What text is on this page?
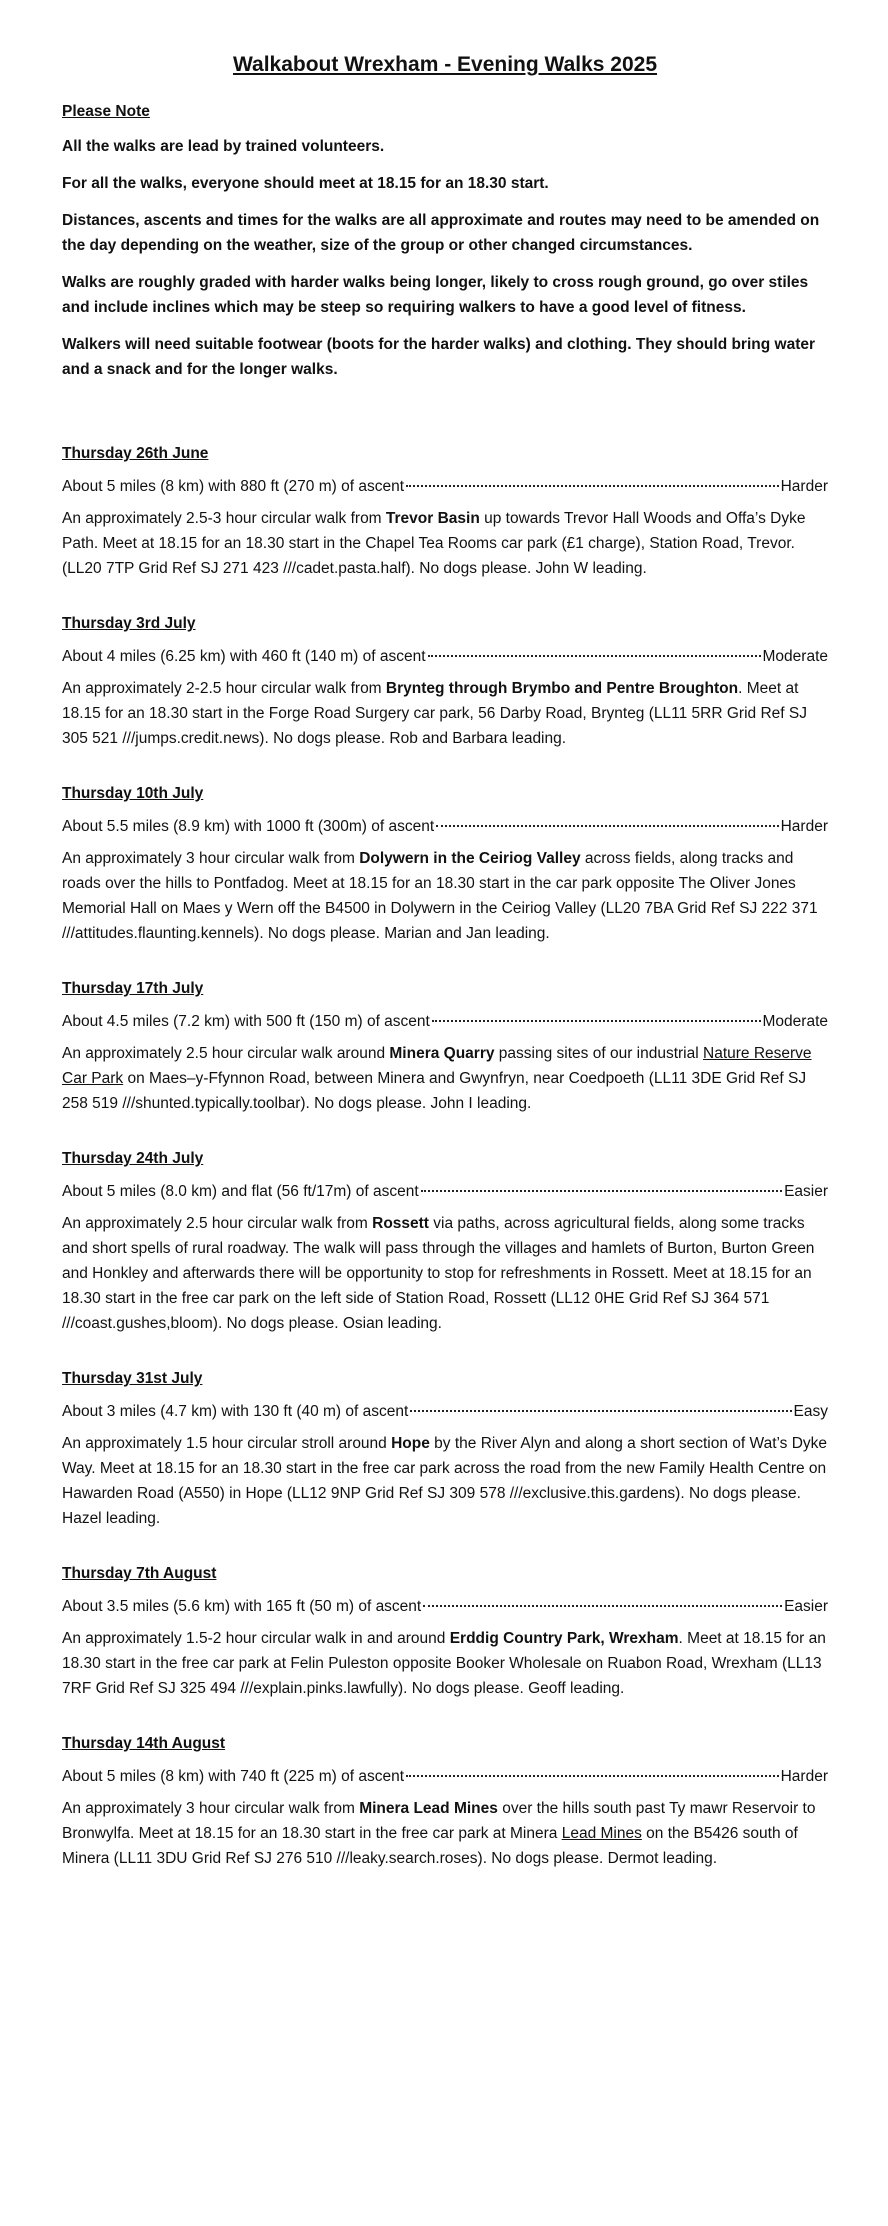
Walkabout Wrexham - Evening Walks 2025
Please Note

All the walks are lead by trained volunteers.

For all the walks, everyone should meet at 18.15 for an 18.30 start.

Distances, ascents and times for the walks are all approximate and routes may need to be amended on the day depending on the weather, size of the group or other changed circumstances.

Walks are roughly graded with harder walks being longer, likely to cross rough ground, go over stiles and include inclines which may be steep so requiring walkers to have a good level of fitness.

Walkers will need suitable footwear (boots for the harder walks) and clothing. They should bring water and a snack and for the longer walks.

Thursday 26th June
About 5 miles (8 km) with 880 ft (270 m) of ascent	Harder

An approximately 2.5-3 hour circular walk from Trevor Basin up towards Trevor Hall Woods and Offa’s Dyke Path. Meet at 18.15 for an 18.30 start in the Chapel Tea Rooms car park (£1 charge), Station Road, Trevor. (LL20 7TP Grid Ref SJ 271 423 ///cadet.pasta.half). No dogs please. John W leading.

Thursday 3rd July
About 4 miles (6.25 km) with 460 ft (140 m) of ascent	Moderate

An approximately 2-2.5 hour circular walk from Brynteg through Brymbo and Pentre Broughton. Meet at 18.15 for an 18.30 start in the Forge Road Surgery car park, 56 Darby Road, Brynteg (LL11 5RR Grid Ref SJ 305 521 ///jumps.credit.news). No dogs please. Rob and Barbara leading.

Thursday 10th July
About 5.5 miles (8.9 km) with 1000 ft (300m) of ascent	Harder

An approximately 3 hour circular walk from Dolywern in the Ceiriog Valley across fields, along tracks and roads over the hills to Pontfadog. Meet at 18.15 for an 18.30 start in the car park opposite The Oliver Jones Memorial Hall on Maes y Wern off the B4500 in Dolywern in the Ceiriog Valley (LL20 7BA Grid Ref SJ 222 371 ///attitudes.flaunting.kennels). No dogs please. Marian and Jan leading.

Thursday 17th July
About 4.5 miles (7.2 km) with 500 ft (150 m) of ascent	Moderate

An approximately 2.5 hour circular walk around Minera Quarry passing sites of our industrial Nature Reserve Car Park on Maes–y-Ffynnon Road, between Minera and Gwynfryn, near Coedpoeth (LL11 3DE Grid Ref SJ 258 519 ///shunted.typically.toolbar). No dogs please. John I leading.

Thursday 24th July
About 5 miles (8.0 km) and flat (56 ft/17m) of ascent	Easier

An approximately 2.5 hour circular walk from Rossett via paths, across agricultural fields, along some tracks and short spells of rural roadway. The walk will pass through the villages and hamlets of Burton, Burton Green and Honkley and afterwards there will be opportunity to stop for refreshments in Rossett. Meet at 18.15 for an 18.30 start in the free car park on the left side of Station Road, Rossett (LL12 0HE Grid Ref SJ 364 571 ///coast.gushes,bloom). No dogs please. Osian leading.

Thursday 31st July
About 3 miles (4.7 km) with 130 ft (40 m) of ascent	Easy

An approximately 1.5 hour circular stroll around Hope by the River Alyn and along a short section of Wat’s Dyke Way. Meet at 18.15 for an 18.30 start in the free car park across the road from the new Family Health Centre on Hawarden Road (A550) in Hope (LL12 9NP Grid Ref SJ 309 578 ///exclusive.this.gardens). No dogs please. Hazel leading.

Thursday 7th August
About 3.5 miles (5.6 km) with 165 ft (50 m) of ascent	Easier

An approximately 1.5-2 hour circular walk in and around Erddig Country Park, Wrexham. Meet at 18.15 for an 18.30 start in the free car park at Felin Puleston opposite Booker Wholesale on Ruabon Road, Wrexham (LL13 7RF Grid Ref SJ 325 494 ///explain.pinks.lawfully). No dogs please. Geoff leading.

Thursday 14th August
About 5 miles (8 km) with 740 ft (225 m) of ascent	Harder

An approximately 3 hour circular walk from Minera Lead Mines over the hills south past Ty mawr Reservoir to Bronwylfa. Meet at 18.15 for an 18.30 start in the free car park at Minera Lead Mines on the B5426 south of Minera (LL11 3DU Grid Ref SJ 276 510 ///leaky.search.roses). No dogs please. Dermot leading.
